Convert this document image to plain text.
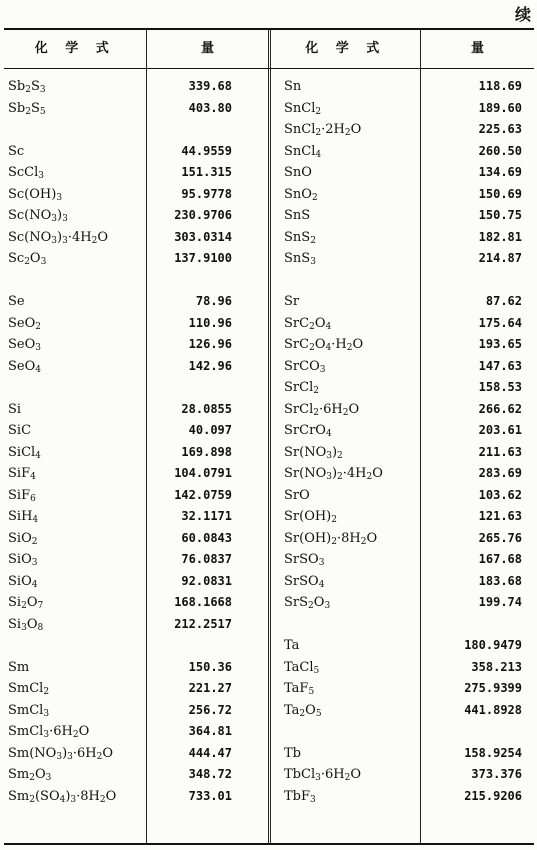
续
化 学 式	量	化 学 式	量
$Sb_2S_3$	339.68
$Sb_2S_5$	403.80
Sc	44.9559
ScCl$_3$	151.315
$Sc(OH)_3$	95.9778
$Sc(NO_3)_3$	230.9706
$Sc(NO_3)_3\cdot 4H_2O$	303.0314
$Sc_2O_3$	137.9100
Se	78.96
SeO$_2$	110.96
SeO$_3$	126.96
SeO$_4$	142.96
Si	28.0855
SiC	40.097
SiCl$_4$	169.898
SiF$_4$	104.0791
SiF$_6$	142.0759
SiH$_4$	32.1171
SiO$_2$	60.0843
SiO$_3$	76.0837
SiO$_4$	92.0831
$Si_2O_7$	168.1668
$Si_3O_8$	212.2517
Sm	150.36
SmCl$_2$	221.27
SmCl$_3$	256.72
$SmCl_3\cdot 6H_2O$	364.81
$Sm(NO_3)_3\cdot 6H_2O$	444.47
$Sm_2O_3$	348.72
$Sm_2(SO_4)_3\cdot 8H_2O$	733.01
Sn	118.69
SnCl$_2$	189.60
$SnCl_2\cdot 2H_2O$	225.63
SnCl$_4$	260.50
SnO	134.69
SnO$_2$	150.69
SnS	150.75
SnS$_2$	182.81
SnS$_3$	214.87
Sr	87.62
$SrC_2O_4$	175.64
$SrC_2O_4\cdot H_2O$	193.65
SrCO$_3$	147.63
SrCl$_2$	158.53
$SrCl_2\cdot 6H_2O$	266.62
SrCrO$_4$	203.61
$Sr(NO_3)_2$	211.63
$Sr(NO_3)_2\cdot 4H_2O$	283.69
SrO	103.62
$Sr(OH)_2$	121.63
$Sr(OH)_2\cdot 8H_2O$	265.76
SrSO$_3$	167.68
SrSO$_4$	183.68
$SrS_2O_3$	199.74
Ta	180.9479
TaCl$_5$	358.213
TaF$_5$	275.9399
$Ta_2O_5$	441.8928
Tb	158.9254
$TbCl_3\cdot 6H_2O$	373.376
TbF$_3$	215.9206
